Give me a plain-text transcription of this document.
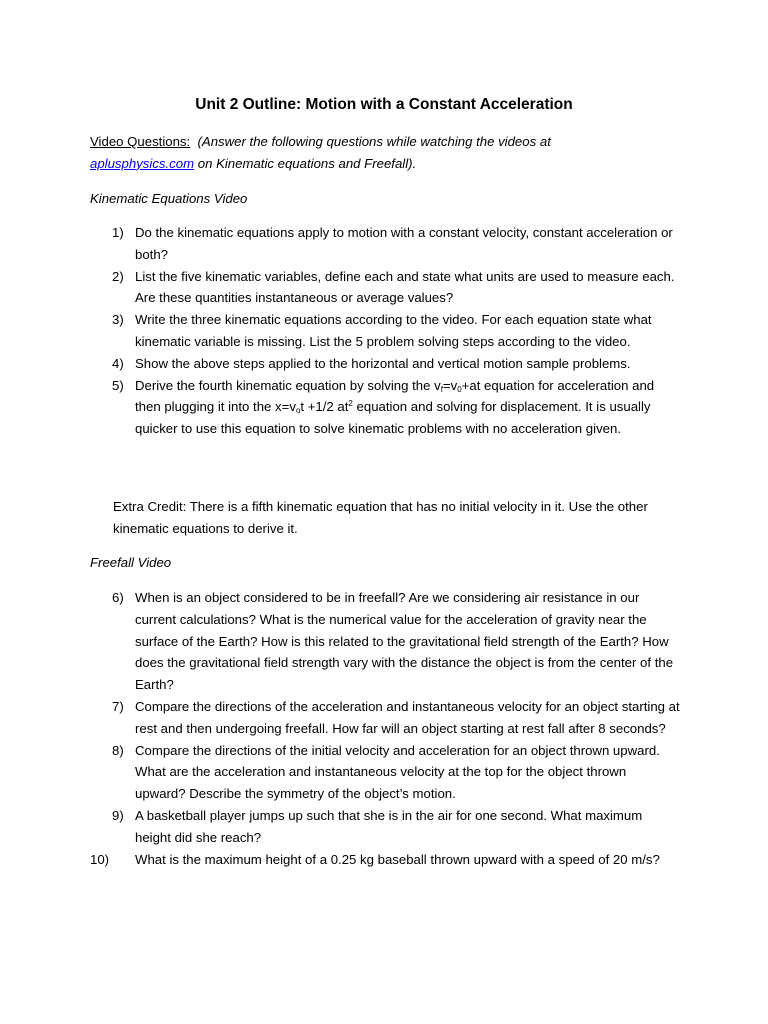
Unit 2 Outline: Motion with a Constant Acceleration
Video Questions: (Answer the following questions while watching the videos at
aplusphysics.com on Kinematic equations and Freefall).
Kinematic Equations Video
1) Do the kinematic equations apply to motion with a constant velocity, constant acceleration or both?
2) List the five kinematic variables, define each and state what units are used to measure each. Are these quantities instantaneous or average values?
3) Write the three kinematic equations according to the video. For each equation state what kinematic variable is missing. List the 5 problem solving steps according to the video.
4) Show the above steps applied to the horizontal and vertical motion sample problems.
5) Derive the fourth kinematic equation by solving the $v_f=v_0+at$ equation for acceleration and then plugging it into the $x=v_ot +1/2$ $at^2$ equation and solving for displacement. It is usually quicker to use this equation to solve kinematic problems with no acceleration given.
Extra Credit: There is a fifth kinematic equation that has no initial velocity in it. Use the other kinematic equations to derive it.
Freefall Video
6) When is an object considered to be in freefall? Are we considering air resistance in our current calculations? What is the numerical value for the acceleration of gravity near the surface of the Earth? How is this related to the gravitational field strength of the Earth? How does the gravitational field strength vary with the distance the object is from the center of the Earth?
7) Compare the directions of the acceleration and instantaneous velocity for an object starting at rest and then undergoing freefall. How far will an object starting at rest fall after 8 seconds?
8) Compare the directions of the initial velocity and acceleration for an object thrown upward. What are the acceleration and instantaneous velocity at the top for the object thrown upward? Describe the symmetry of the object’s motion.
9) A basketball player jumps up such that she is in the air for one second. What maximum height did she reach?
10) What is the maximum height of a 0.25 kg baseball thrown upward with a speed of 20 m/s?
